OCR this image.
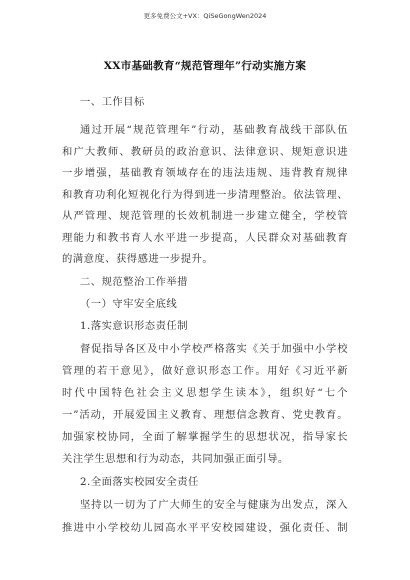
更多免费公文+VX：QiSeGongWen2024
XX市基础教育“规范管理年”行动实施方案
一、工作目标
通过开展“规范管理年”行动，基础教育战线干部队伍
和广大教师、教研员的政治意识、法律意识、规矩意识进
一步增强，基础教育领域存在的违法违规、违背教育规律
和教育功利化短视化行为得到进一步清理整治。依法管理、
从严管理、规范管理的长效机制进一步建立健全，学校管
理能力和教书育人水平进一步提高，人民群众对基础教育
的满意度、获得感进一步提升。
二、规范整治工作举措
（一）守牢安全底线
1.落实意识形态责任制
督促指导各区及中小学校严格落实《关于加强中小学校
管理的若干意见》，做好意识形态工作。用好《习近平新
时代中国特色社会主义思想学生读本》，组织好“七个
一”活动，开展爱国主义教育、理想信念教育、党史教育。
加强家校协同，全面了解掌握学生的思想状况，指导家长
关注学生思想和行为动态，共同加强正面引导。
2.全面落实校园安全责任
坚持以一切为了广大师生的安全与健康为出发点，深入
推进中小学校幼儿园高水平平安校园建设，强化责任、制
